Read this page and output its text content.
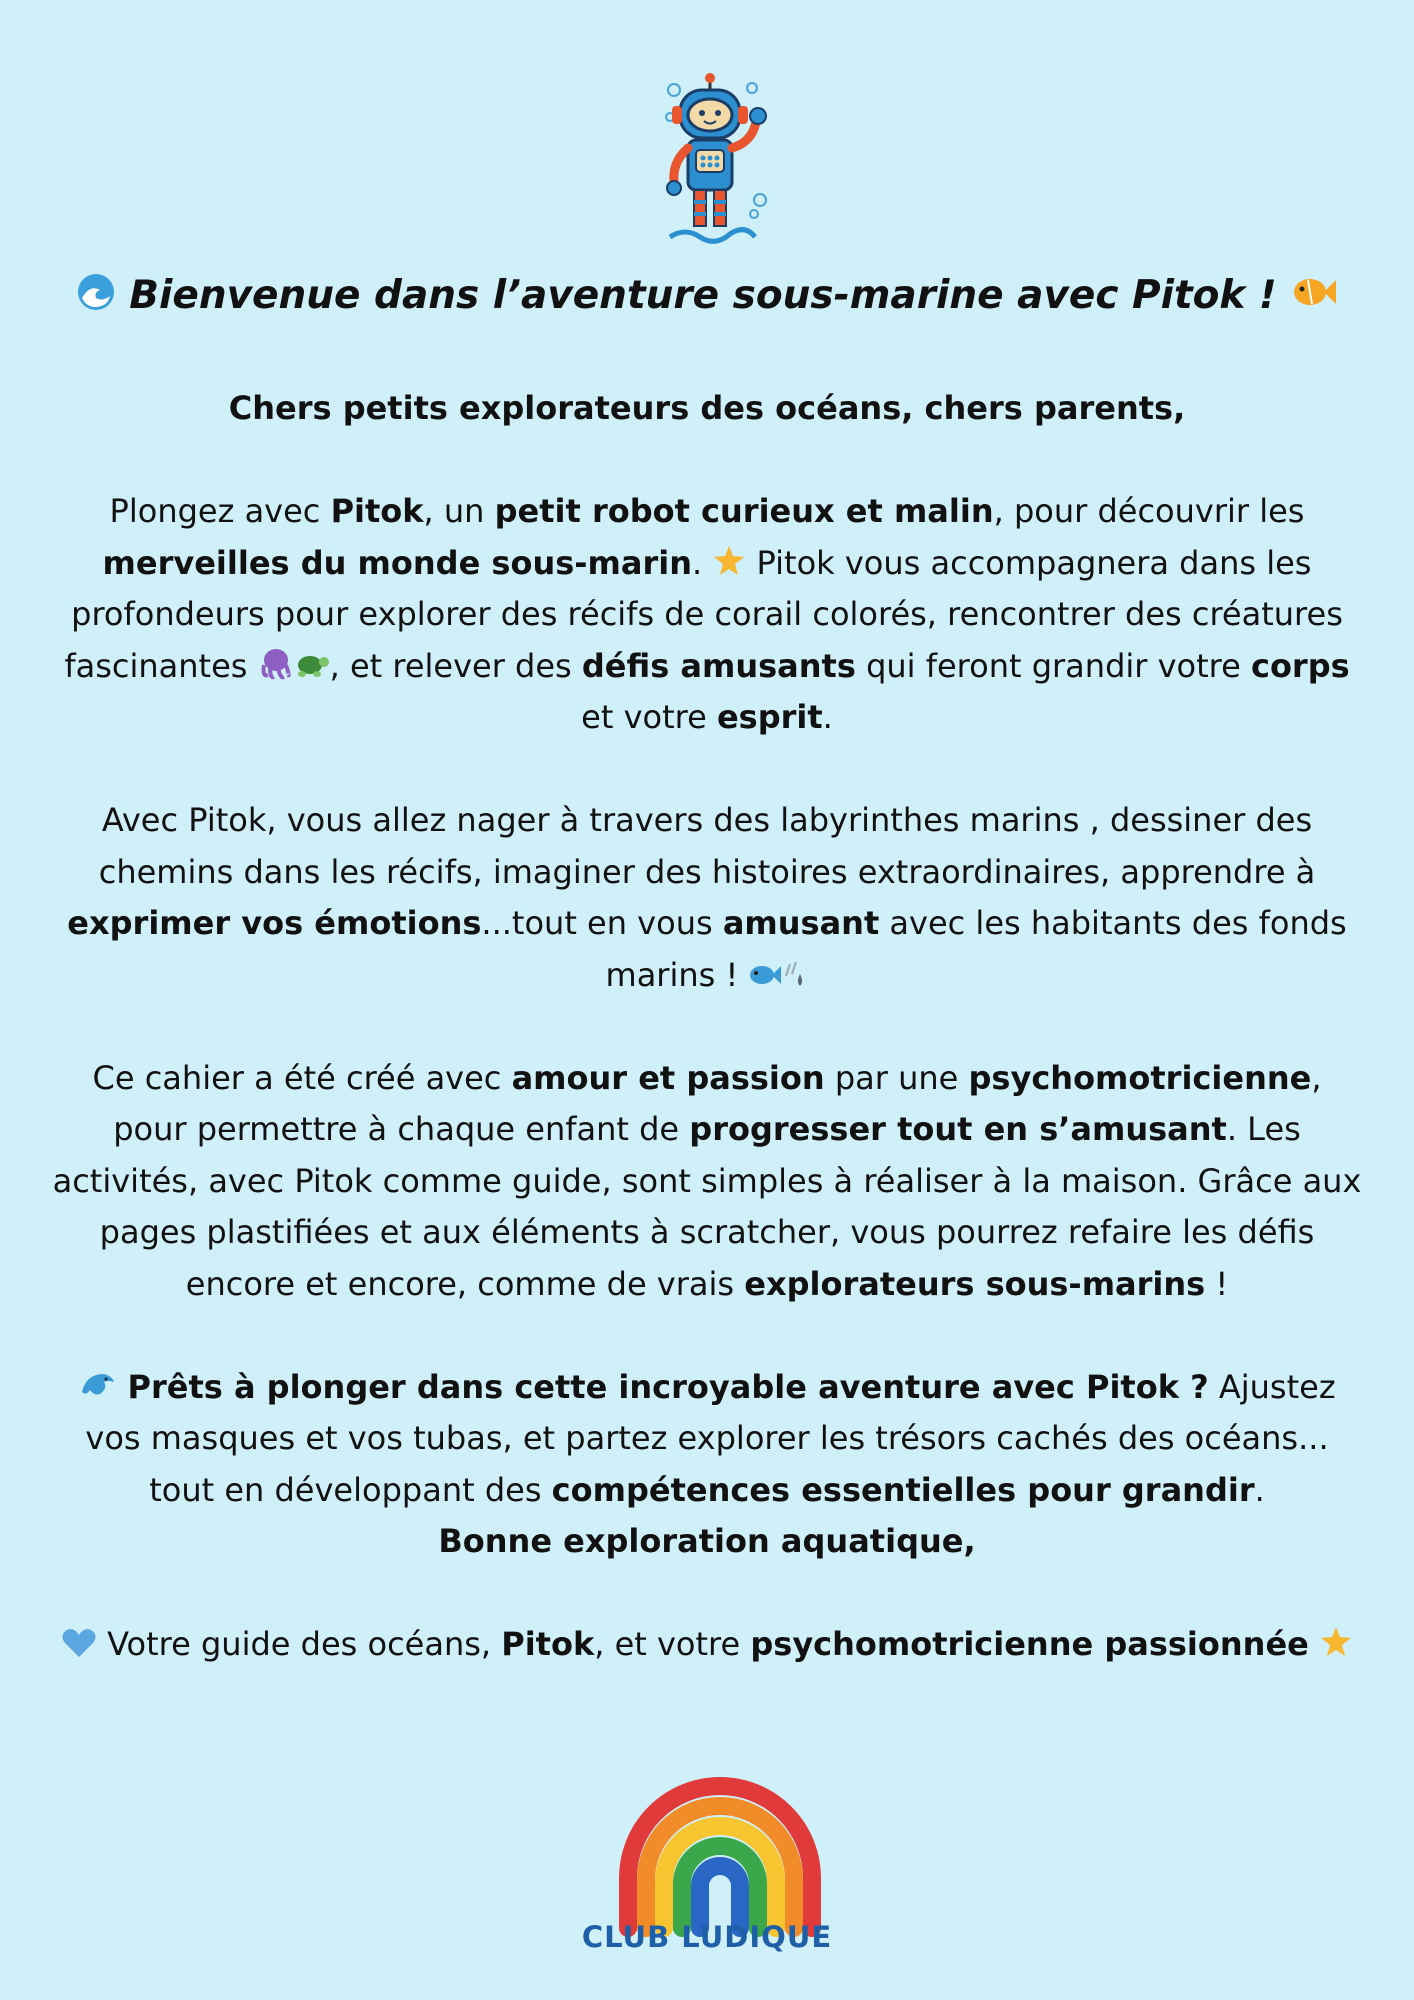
Bienvenue dans l’aventure sous-marine avec Pitok !

Chers petits explorateurs des océans, chers parents,

Plongez avec Pitok, un petit robot curieux et malin, pour découvrir les merveilles du monde sous-marin.  Pitok vous accompagnera dans les profondeurs pour explorer des récifs de corail colorés, rencontrer des créatures fascinantes , et relever des défis amusants qui feront grandir votre corps et votre esprit.

Avec Pitok, vous allez nager à travers des labyrinthes marins , dessiner des chemins dans les récifs, imaginer des histoires extraordinaires, apprendre à exprimer vos émotions...tout en vous amusant avec les habitants des fonds marins !

Ce cahier a été créé avec amour et passion par une psychomotricienne, pour permettre à chaque enfant de progresser tout en s’amusant. Les activités, avec Pitok comme guide, sont simples à réaliser à la maison. Grâce aux pages plastifiées et aux éléments à scratcher, vous pourrez refaire les défis encore et encore, comme de vrais explorateurs sous-marins !

Prêts à plonger dans cette incroyable aventure avec Pitok ? Ajustez vos masques et vos tubas, et partez explorer les trésors cachés des océans... tout en développant des compétences essentielles pour grandir.
Bonne exploration aquatique,

Votre guide des océans, Pitok, et votre psychomotricienne passionnée

CLUB LUDIQUE
